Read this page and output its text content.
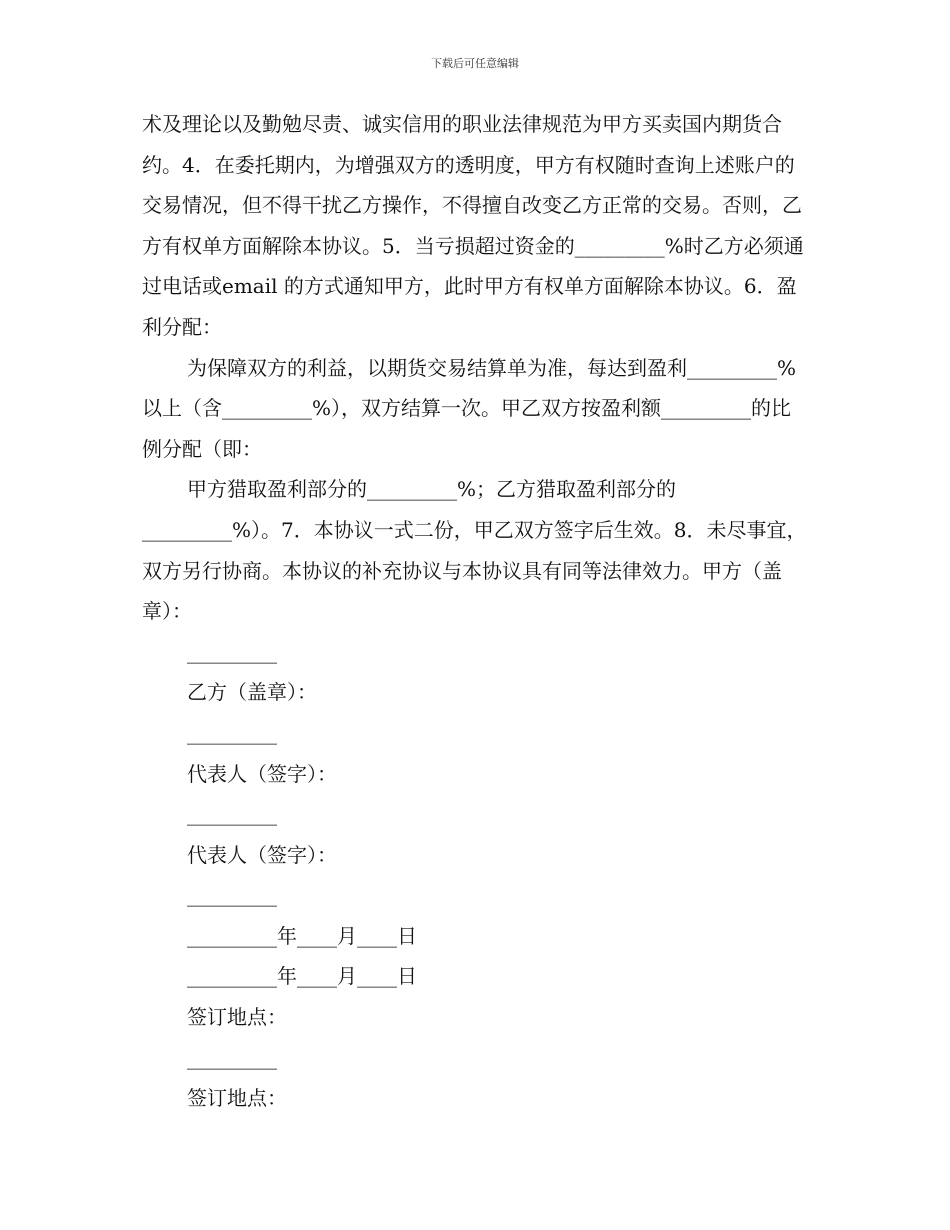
下载后可任意编辑

术及理论以及勤勉尽责、诚实信用的职业法律规范为甲方买卖国内期货合约。4．在委托期内，为增强双方的透明度，甲方有权随时查询上述账户的交易情况，但不得干扰乙方操作，不得擅自改变乙方正常的交易。否则，乙方有权单方面解除本协议。5．当亏损超过资金的_________%时乙方必须通过电话或email 的方式通知甲方，此时甲方有权单方面解除本协议。6．盈利分配：

为保障双方的利益，以期货交易结算单为准，每达到盈利_________%以上（含_________%），双方结算一次。甲乙双方按盈利额_________的比例分配（即：

甲方猎取盈利部分的_________%；乙方猎取盈利部分的_________%）。7．本协议一式二份，甲乙双方签字后生效。8．未尽事宜，双方另行协商。本协议的补充协议与本协议具有同等法律效力。甲方（盖章）：

_________

乙方（盖章）：

_________

代表人（签字）：

_________

代表人（签字）：

_________

_________年____月____日

_________年____月____日

签订地点：

_________

签订地点：
